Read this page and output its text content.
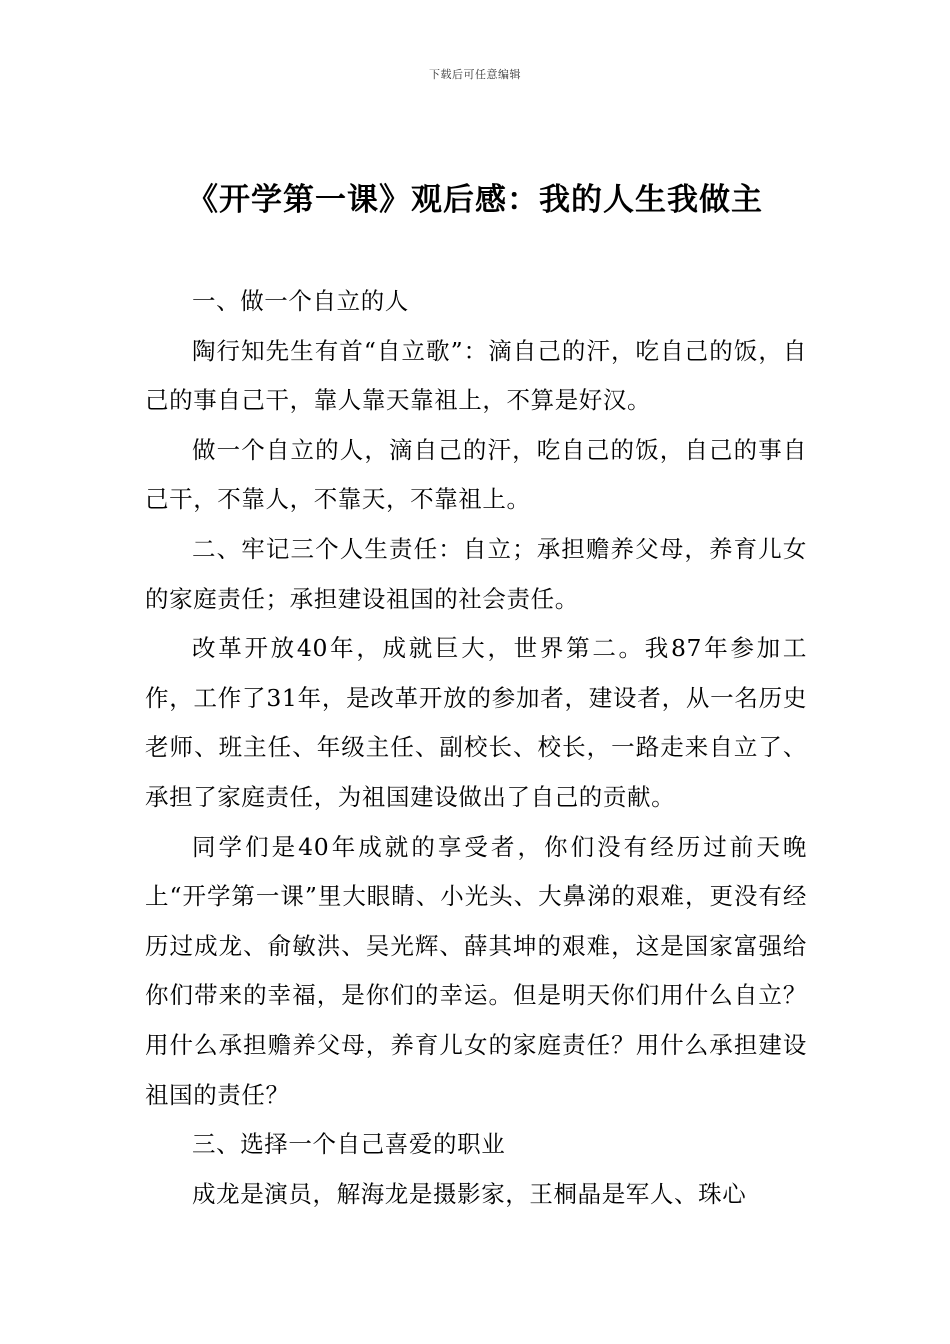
下载后可任意编辑
《开学第一课》观后感：我的人生我做主

一、做一个自立的人

陶行知先生有首“自立歌”：滴自己的汗，吃自己的饭，自己的事自己干，靠人靠天靠祖上，不算是好汉。

做一个自立的人，滴自己的汗，吃自己的饭，自己的事自己干，不靠人，不靠天，不靠祖上。

二、牢记三个人生责任：自立；承担赡养父母，养育儿女的家庭责任；承担建设祖国的社会责任。

改革开放40年，成就巨大，世界第二。我87年参加工作，工作了31年，是改革开放的参加者，建设者，从一名历史老师、班主任、年级主任、副校长、校长，一路走来自立了、承担了家庭责任，为祖国建设做出了自己的贡献。

同学们是40年成就的享受者，你们没有经历过前天晚上“开学第一课”里大眼睛、小光头、大鼻涕的艰难，更没有经历过成龙、俞敏洪、吴光辉、薛其坤的艰难，这是国家富强给你们带来的幸福，是你们的幸运。但是明天你们用什么自立？用什么承担赡养父母，养育儿女的家庭责任？用什么承担建设祖国的责任？

三、选择一个自己喜爱的职业

成龙是演员，解海龙是摄影家，王桐晶是军人、珠心
